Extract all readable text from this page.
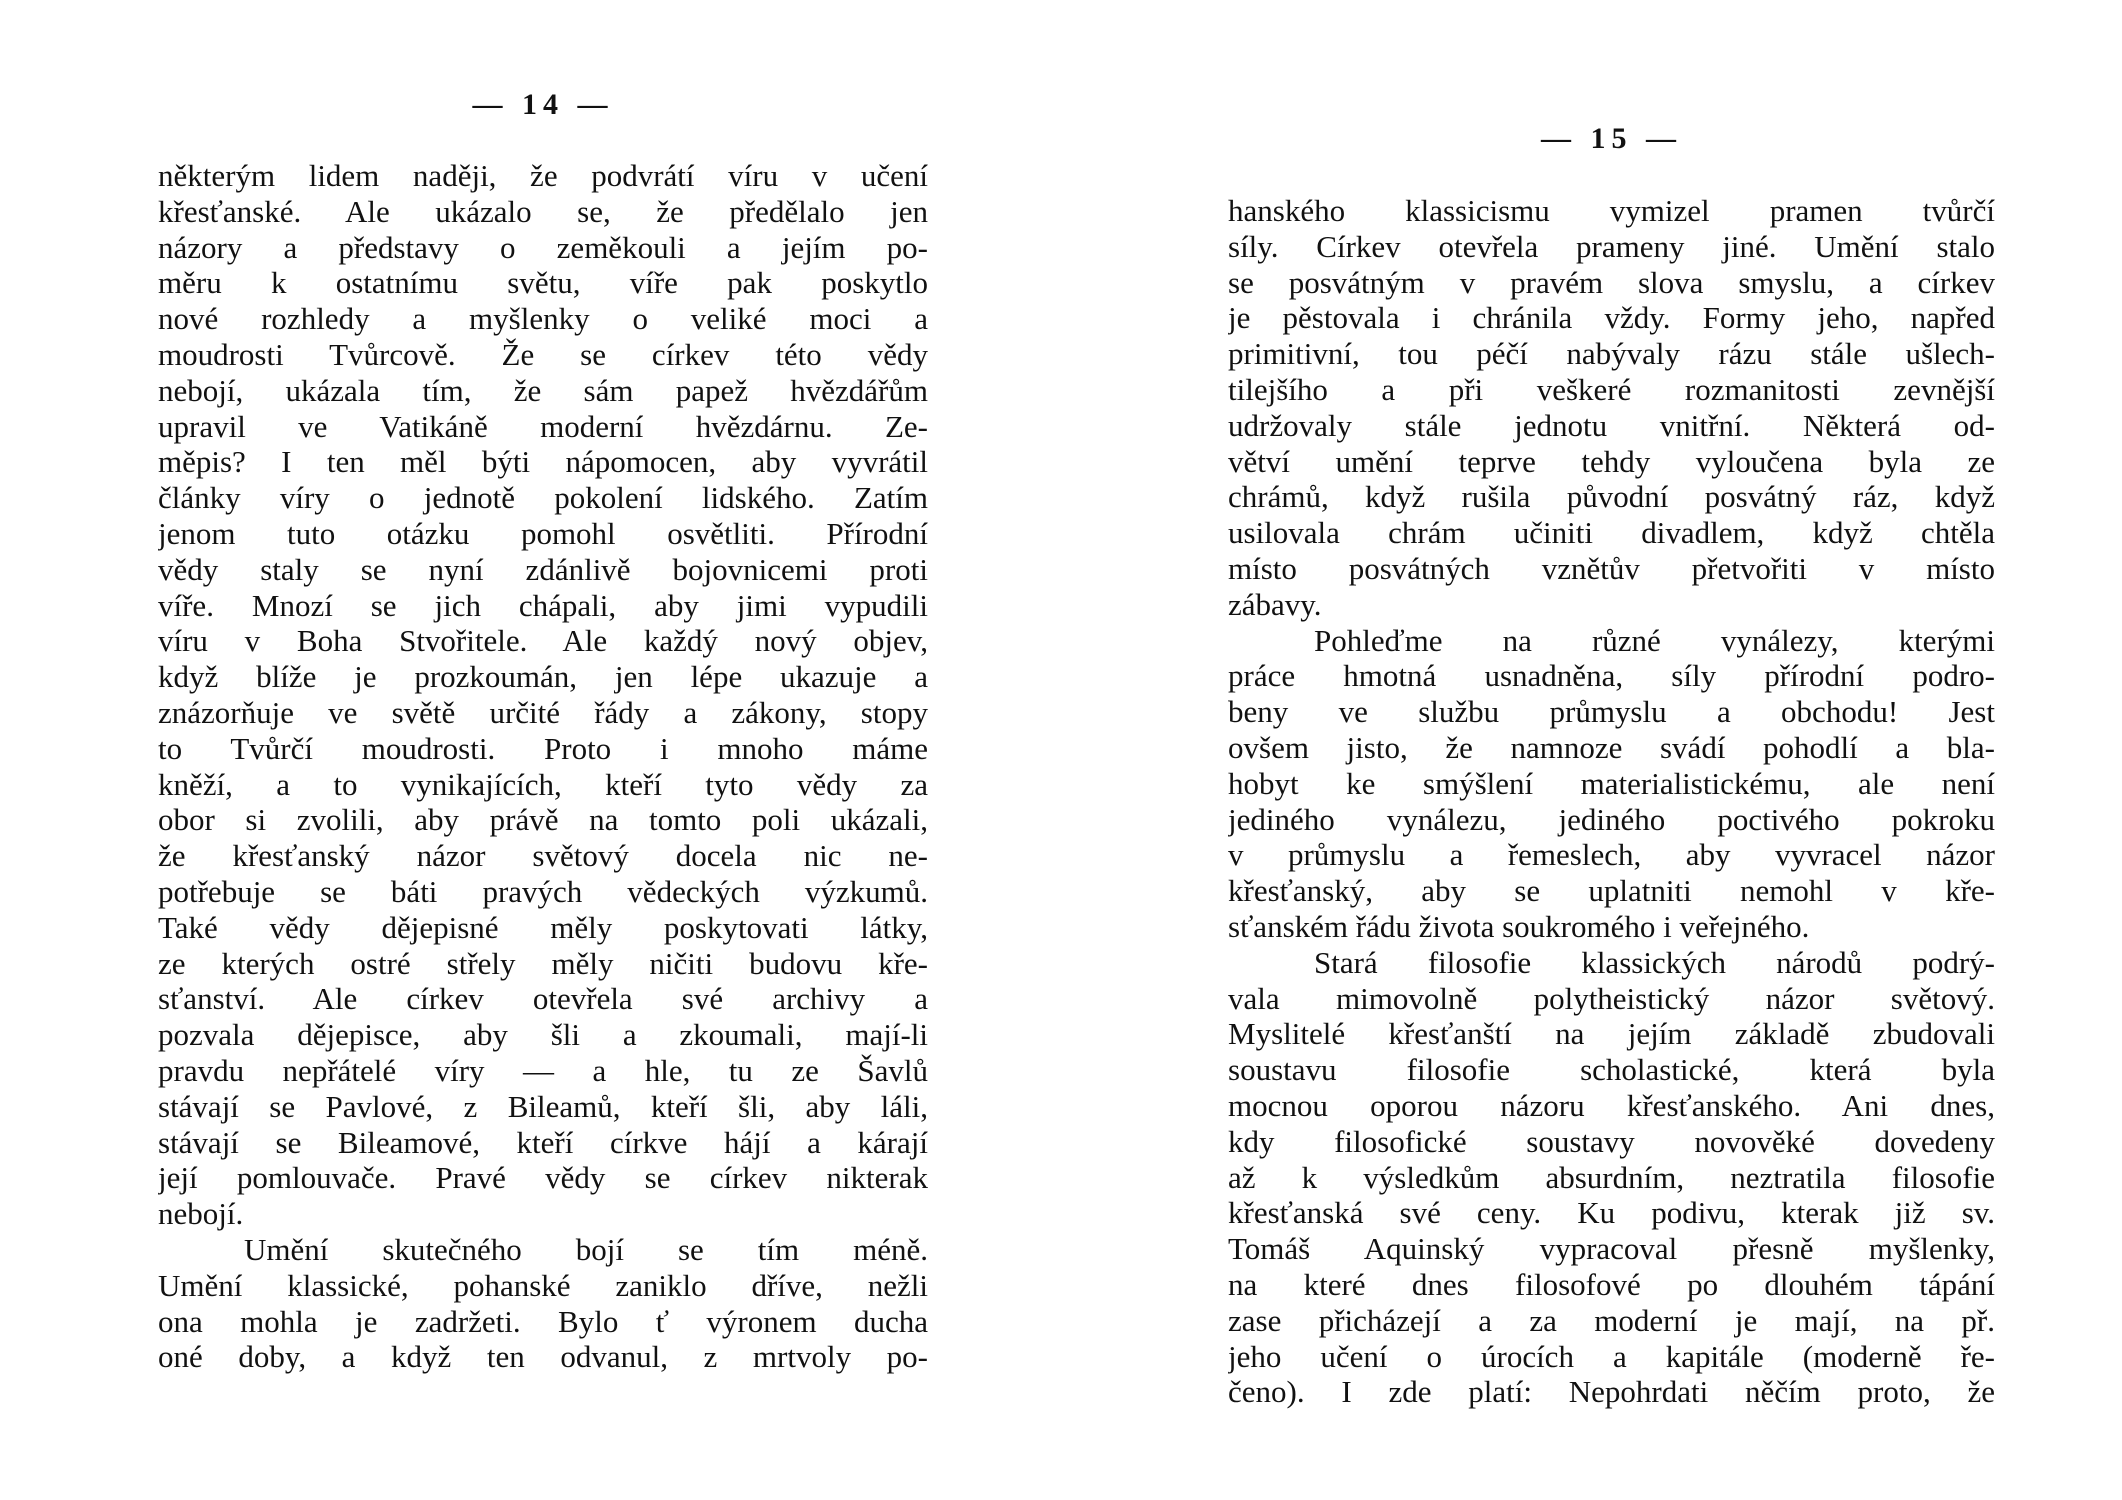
— 14 —
některým lidem naději, že podvrátí víru v učení
křesťanské. Ale ukázalo se, že předělalo jen
názory a představy o zeměkouli a jejím po-
měru k ostatnímu světu, víře pak poskytlo
nové rozhledy a myšlenky o veliké moci a
moudrosti Tvůrcově. Že se církev této vědy
nebojí, ukázala tím, že sám papež hvězdářům
upravil ve Vatikáně moderní hvězdárnu. Ze-
měpis? I ten měl býti nápomocen, aby vyvrátil
články víry o jednotě pokolení lidského. Zatím
jenom tuto otázku pomohl osvětliti. Přírodní
vědy staly se nyní zdánlivě bojovnicemi proti
víře. Mnozí se jich chápali, aby jimi vypudili
víru v Boha Stvořitele. Ale každý nový objev,
když blíže je prozkoumán, jen lépe ukazuje a
znázorňuje ve světě určité řády a zákony, stopy
to Tvůrčí moudrosti. Proto i mnoho máme
kněží, a to vynikajících, kteří tyto vědy za
obor si zvolili, aby právě na tomto poli ukázali,
že křesťanský názor světový docela nic ne-
potřebuje se báti pravých vědeckých výzkumů.
Také vědy dějepisné měly poskytovati látky,
ze kterých ostré střely měly ničiti budovu kře-
sťanství. Ale církev otevřela své archivy a
pozvala dějepisce, aby šli a zkoumali, mají-li
pravdu nepřátelé víry — a hle, tu ze Šavlů
stávají se Pavlové, z Bileamů, kteří šli, aby láli,
stávají se Bileamové, kteří církve hájí a kárají
její pomlouvače. Pravé vědy se církev nikterak
nebojí.
Umění skutečného bojí se tím méně.
Umění klassické, pohanské zaniklo dříve, nežli
ona mohla je zadržeti. Bylo ť výronem ducha
oné doby, a když ten odvanul, z mrtvoly po-
— 15 —
hanského klassicismu vymizel pramen tvůrčí
síly. Církev otevřela prameny jiné. Umění stalo
se posvátným v pravém slova smyslu, a církev
je pěstovala i chránila vždy. Formy jeho, napřed
primitivní, tou péčí nabývaly rázu stále ušlech-
tilejšího a při veškeré rozmanitosti zevnější
udržovaly stále jednotu vnitřní. Některá od-
větví umění teprve tehdy vyloučena byla ze
chrámů, když rušila původní posvátný ráz, když
usilovala chrám učiniti divadlem, když chtěla
místo posvátných vznětův přetvořiti v místo
zábavy.
Pohleďme na různé vynálezy, kterými
práce hmotná usnadněna, síly přírodní podro-
beny ve službu průmyslu a obchodu! Jest
ovšem jisto, že namnoze svádí pohodlí a bla-
hobyt ke smýšlení materialistickému, ale není
jediného vynálezu, jediného poctivého pokroku
v průmyslu a řemeslech, aby vyvracel názor
křesťanský, aby se uplatniti nemohl v kře-
sťanském řádu života soukromého i veřejného.
Stará filosofie klassických národů podrý-
vala mimovolně polytheistický názor světový.
Myslitelé křesťanští na jejím základě zbudovali
soustavu filosofie scholastické, která byla
mocnou oporou názoru křesťanského. Ani dnes,
kdy filosofické soustavy novověké dovedeny
až k výsledkům absurdním, neztratila filosofie
křesťanská své ceny. Ku podivu, kterak již sv.
Tomáš Aquinský vypracoval přesně myšlenky,
na které dnes filosofové po dlouhém tápání
zase přicházejí a za moderní je mají, na př.
jeho učení o úrocích a kapitále (moderně ře-
čeno). I zde platí: Nepohrdati něčím proto, že
